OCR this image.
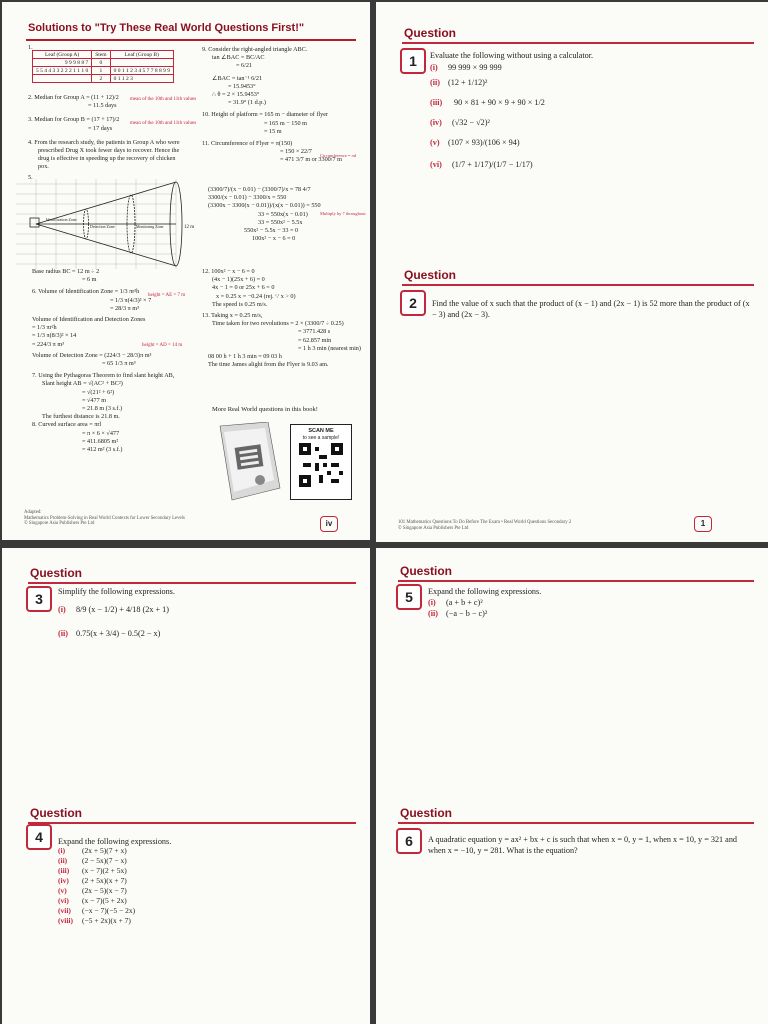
Solutions to "Try These Real World Questions First!"
1.
Leaf (Group A)	Stem	Leaf (Group B)
9 9 9 8 8 7	0	
5 5 4 4 3 3 2 2 2 1 1 1 0	1	0 0 1 1 2 3 4 5 7 7 8 8 9 9
	2	0 1 1 2 3
2. Median for Group A = (11 + 12)/2
= 11.5 days
3. Median for Group B = (17 + 17)/2
= 17 days
4. From the research study, the patients in Group A who were
prescribed Drug X took fewer days to recover. Hence the
drug is effective in speeding up the recovery of chicken
pox.
5.
mean of the 10th and 11th values
mean of the 10th and 11th values
Identification Zone
Detection Zone	Monitoring Zone	12 m
Base radius BC = 12 m ÷ 2
= 6 m
6. Volume of Identification Zone = 1/3 πr²h
= 1/3 π(4/3)² × 7
= 28/3 π m³
Volume of Identification and Detection Zones
= 1/3 πr²h
= 1/3 π(8/3)² × 14
= 224/3 π m³
Volume of Detection Zone = (224/3 − 28/3)π m³
= 65 1/3 π m³
7. Using the Pythagoras Theorem to find slant height AB,
Slant height AB = √(AC² + BC²)
= √(21² + 6²)
= √477 m
= 21.8 m (3 s.f.)
The furthest distance is 21.8 m.
8. Curved surface area = πrl
= π × 6 × √477
= 411.6805 m²
= 412 m² (3 s.f.)
height = AE = 7 m
height = AD = 14 m
9. Consider the right-angled triangle ABC.
tan ∠BAC = BC/AC
= 6/21
∠BAC = tan⁻¹ 6/21
= 15.9453°
∴ θ = 2 × 15.9453°
= 31.9° (1 d.p.)
10. Height of platform = 165 m − diameter of flyer
= 165 m − 150 m
= 15 m
11. Circumference of Flyer = π(150)
= 150 × 22/7
= 471 3/7 m or 3300/7 m
Circumference = πd
(3300/7)/(x − 0.01) − (3300/7)/x = 78 4/7
3300/(x − 0.01) − 3300/x = 550
(3300x − 3300(x − 0.01))/(x(x − 0.01)) = 550
33 = 550x(x − 0.01)
33 = 550x² − 5.5x
550x² − 5.5x − 33 = 0
100x² − x − 6 = 0
Multiply by 7 throughout
12. 100x² − x − 6 = 0
(4x − 1)(25x + 6) = 0
4x − 1 = 0 or 25x + 6 = 0
x = 0.25 x = −0.24 (rej. ∵ x > 0)
The speed is 0.25 m/s.
13. Taking x = 0.25 m/s,
Time taken for two revolutions = 2 × (3300/7 ÷ 0.25)
= 3771.428 s
= 62.857 min
= 1 h 3 min (nearest min)
08 00 h + 1 h 3 min = 09 03 h
The time James alight from the Flyer is 9.03 am.
More Real World questions in this book!
SCAN ME
to see a sample!
Adapted:
Mathematics Problem-Solving in Real World Contexts for Lower Secondary Levels
© Singapore Asia Publishers Pte Ltd	iv
Question
1	Evaluate the following without using a calculator.
(i) 99 999 × 99 999
(ii) (12 + 1/12)²
(iii) 90 × 81 + 90 × 9 + 90 × 1/2
(iv) (√32 − √2)²
(v) (107 × 93)/(106 × 94)
(vi) (1/7 + 1/17)/(1/7 − 1/17)
Question
2	Find the value of x such that the product of (x − 1) and (2x − 1) is 52 more than the product of (x − 3) and (2x − 3).
101 Mathematics Questions To Do Before The Exam • Real World Questions Secondary 2
© Singapore Asia Publishers Pte Ltd
1
Question
3	Simplify the following expressions.
(i) 8/9 (x − 1/2) + 4/18 (2x + 1)
(ii) 0.75(x + 3/4) − 0.5(2 − x)
Question
4	Expand the following expressions.
(i) (2x + 5)(7 + x)
(ii) (2 − 5x)(7 − x)
(iii) (x − 7)(2 + 5x)
(iv) (2 + 5x)(x + 7)
(v) (2x − 5)(x − 7)
(vi) (x − 7)(5 + 2x)
(vii) (−x − 7)(−5 − 2x)
(viii) (−5 + 2x)(x + 7)
Question
5	Expand the following expressions.
(i) (a + b + c)²
(ii) (−a − b − c)²
Question
6	A quadratic equation y = ax² + bx + c is such that when x = 0, y = 1, when x = 10, y = 321 and when x = −10, y = 281. What is the equation?
